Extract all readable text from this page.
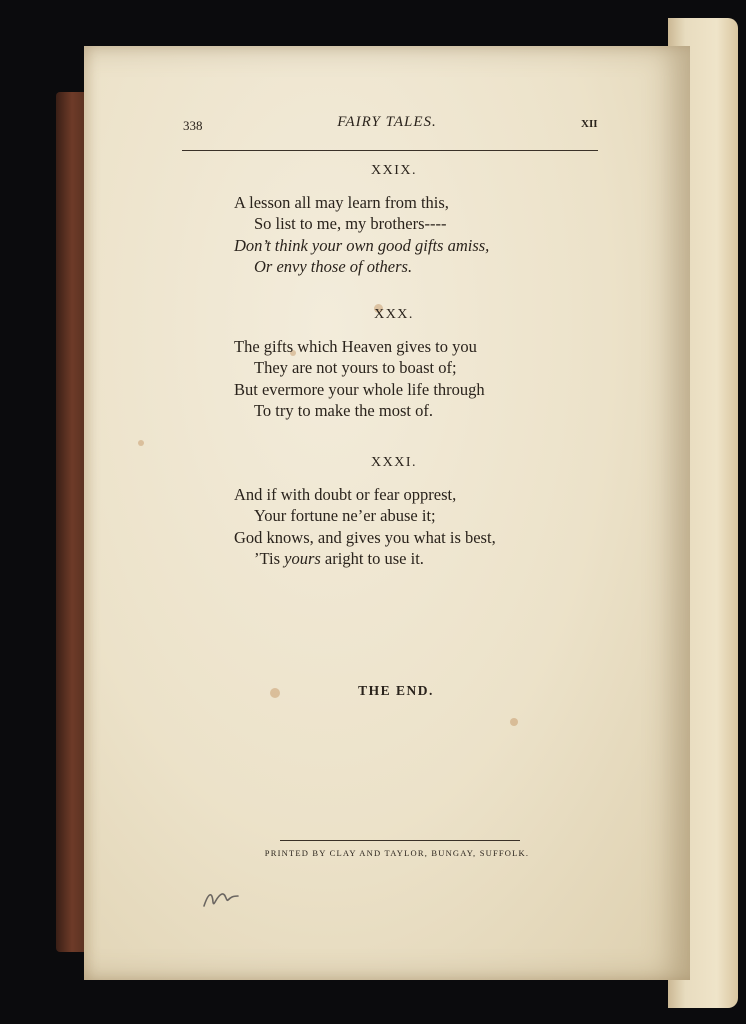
338	FAIRY TALES.	XII
XXIX.
A lesson all may learn from this,
So list to me, my brothers----
Don’t think your own good gifts amiss,
Or envy those of others.
XXX.
The gifts which Heaven gives to you
They are not yours to boast of;
But evermore your whole life through
To try to make the most of.
XXXI.
And if with doubt or fear opprest,
Your fortune ne’er abuse it;
God knows, and gives you what is best,
’Tis yours aright to use it.
THE END.
PRINTED BY CLAY AND TAYLOR, BUNGAY, SUFFOLK.
